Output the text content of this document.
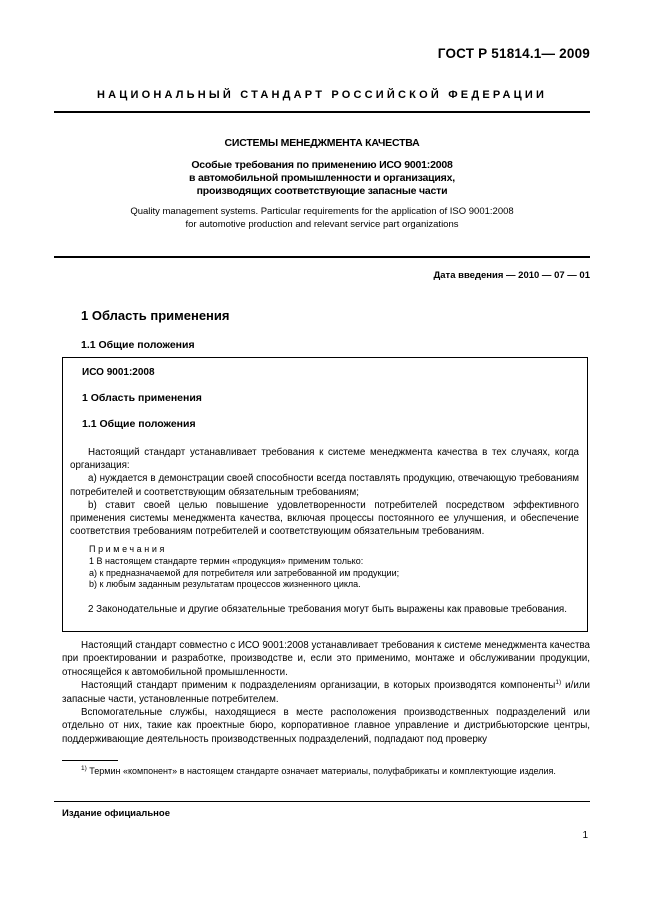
ГОСТ Р 51814.1— 2009
НАЦИОНАЛЬНЫЙ СТАНДАРТ РОССИЙСКОЙ ФЕДЕРАЦИИ
СИСТЕМЫ МЕНЕДЖМЕНТА КАЧЕСТВА
Особые требования по применению ИСО 9001:2008
в автомобильной промышленности и организациях,
производящих соответствующие запасные части
Quality management systems. Particular requirements for the application of ISO 9001:2008
for automotive production and relevant service part organizations
Дата введения — 2010 — 07 — 01
1 Область применения
1.1 Общие положения
ИСО 9001:2008
1 Область применения
1.1 Общие положения

Настоящий стандарт устанавливает требования к системе менеджмента качества в тех случаях, когда организация:

а) нуждается в демонстрации своей способности всегда поставлять продукцию, отвечающую требованиям потребителей и соответствующим обязательным требованиям;

b) ставит своей целью повышение удовлетворенности потребителей посредством эффективного применения системы менеджмента качества, включая процессы постоянного ее улучшения, и обеспечение соответствия требованиям потребителей и соответствующим обязательным требованиям.

Примечания

1 В настоящем стандарте термин «продукция» применим только:

а) к предназначаемой для потребителя или затребованной им продукции;

b) к любым заданным результатам процессов жизненного цикла.

2 Законодательные и другие обязательные требования могут быть выражены как правовые требования.

Настоящий стандарт совместно с ИСО 9001:2008 устанавливает требования к системе менеджмента качества при проектировании и разработке, производстве и, если это применимо, монтаже и обслуживании продукции, относящейся к автомобильной промышленности.

Настоящий стандарт применим к подразделениям организации, в которых производятся компоненты$^{1)}$ и/или запасные части, установленные потребителем.

Вспомогательные службы, находящиеся в месте расположения производственных подразделений или отдельно от них, такие как проектные бюро, корпоративное главное управление и дистрибьюторские центры, поддерживающие деятельность производственных подразделений, подпадают под проверку

$^{1)}$ Термин «компонент» в настоящем стандарте означает материалы, полуфабрикаты и комплектующие изделия.

Издание официальное
1
